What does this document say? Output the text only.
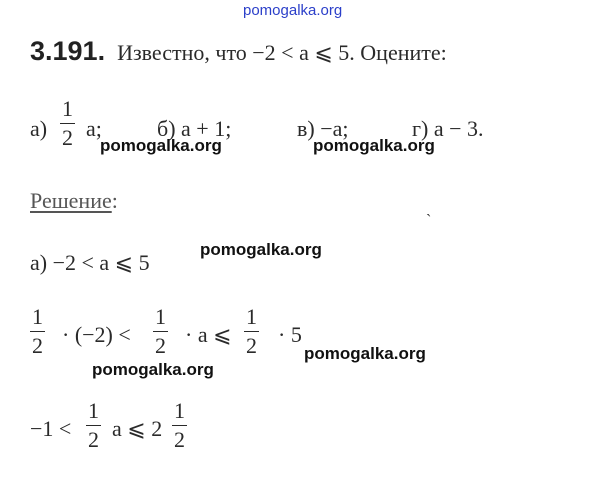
pomogalka.org
3.191. Известно, что −2 < a ⩽ 5. Оцените:
а)
1
2 a;	б) a + 1;	в) −a;	г) a − 3.
pomogalka.org	pomogalka.org
Решение:
ˋ
pomogalka.org
а) −2 < a ⩽ 5
1
2 · (−2) <
1
2 · a ⩽
1
2 · 5
pomogalka.org
pomogalka.org
−1 <
1
2 a ⩽ 2
1
2
